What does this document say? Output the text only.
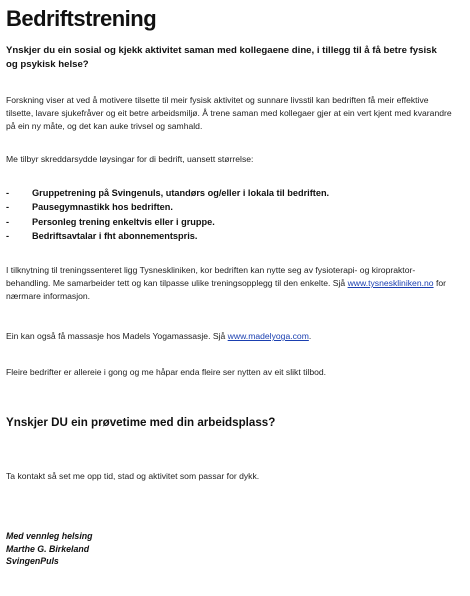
Bedriftstrening
Ynskjer du ein sosial og kjekk aktivitet saman med kollegaene dine, i tillegg til å få betre fysisk og psykisk helse?
Forskning viser at ved å motivere tilsette til meir fysisk aktivitet og sunnare livsstil kan bedriften få meir effektive tilsette, lavare sjukefråver og eit betre arbeidsmiljø. Å trene saman med kollegaer gjer at ein vert kjent med kvarandre på ein ny måte, og det kan auke trivsel og samhald.
Me tilbyr skreddarsydde løysingar for di bedrift, uansett størrelse:
- Gruppetrening på Svingenuls, utandørs og/eller i lokala til bedriften.
- Pausegymnastikk hos bedriften.
- Personleg trening enkeltvis eller i gruppe.
- Bedriftsavtalar i fht abonnementspris.
I tilknytning til treningssenteret ligg Tysneskliniken, kor bedriften kan nytte seg av fysioterapi- og kiropraktor-behandling. Me samarbeider tett og kan tilpasse ulike treningsopplegg til den enkelte. Sjå www.tysneskliniken.no for nærmare informasjon.
Ein kan også få massasje hos Madels Yogamassasje. Sjå www.madelyoga.com.
Fleire bedrifter er allereie i gong og me håpar enda fleire ser nytten av eit slikt tilbod.
Ynskjer DU ein prøvetime med din arbeidsplass?
Ta kontakt så set me opp tid, stad og aktivitet som passar for dykk.
Med vennleg helsing
Marthe G. Birkeland
SvingenPuls
